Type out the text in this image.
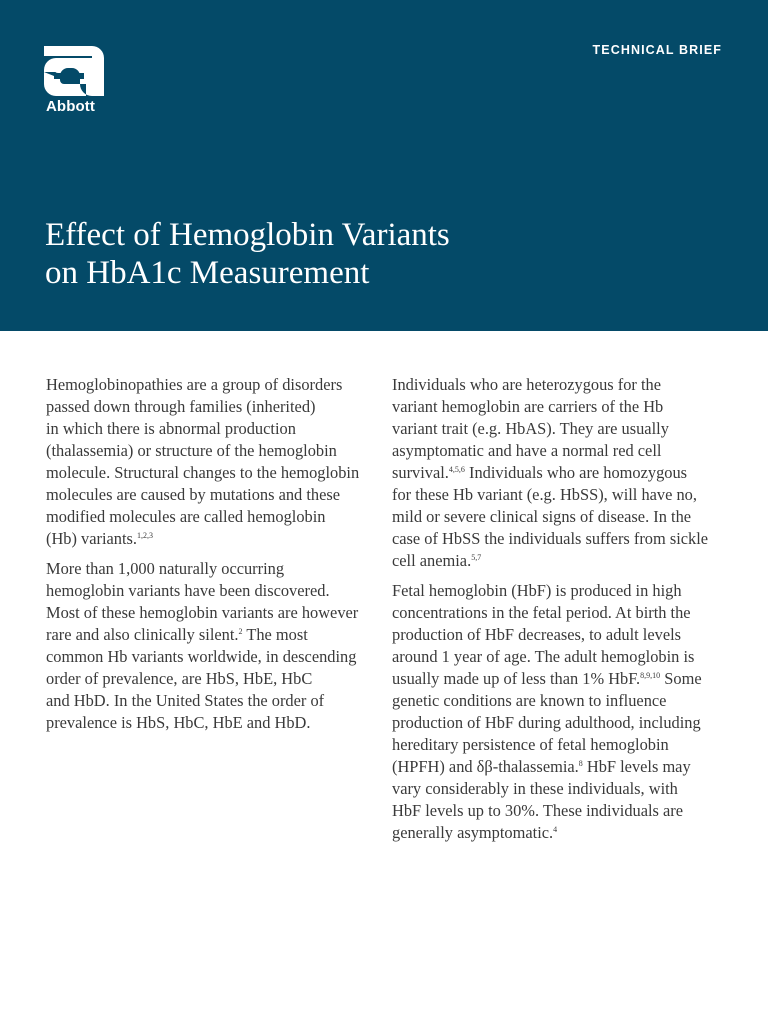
Abbott
TECHNICAL BRIEF
Effect of Hemoglobin Variants
on HbA1c Measurement

Hemoglobinopathies are a group of disorders
passed down through families (inherited)
in which there is abnormal production
(thalassemia) or structure of the hemoglobin
molecule. Structural changes to the hemoglobin
molecules are caused by mutations and these
modified molecules are called hemoglobin
(Hb) variants.$^{1,2,3}$

More than 1,000 naturally occurring
hemoglobin variants have been discovered.
Most of these hemoglobin variants are however
rare and also clinically silent.$^2$ The most
common Hb variants worldwide, in descending
order of prevalence, are HbS, HbE, HbC
and HbD. In the United States the order of
prevalence is HbS, HbC, HbE and HbD.

Individuals who are heterozygous for the
variant hemoglobin are carriers of the Hb
variant trait (e.g. HbAS). They are usually
asymptomatic and have a normal red cell
survival.$^{4,5,6}$ Individuals who are homozygous
for these Hb variant (e.g. HbSS), will have no,
mild or severe clinical signs of disease. In the
case of HbSS the individuals suffers from sickle
cell anemia.$^{5,7}$

Fetal hemoglobin (HbF) is produced in high
concentrations in the fetal period. At birth the
production of HbF decreases, to adult levels
around 1 year of age. The adult hemoglobin is
usually made up of less than 1% HbF.$^{8,9,10}$ Some
genetic conditions are known to influence
production of HbF during adulthood, including
hereditary persistence of fetal hemoglobin
(HPFH) and δβ-thalassemia.$^8$ HbF levels may
vary considerably in these individuals, with
HbF levels up to 30%. These individuals are
generally asymptomatic.$^4$
